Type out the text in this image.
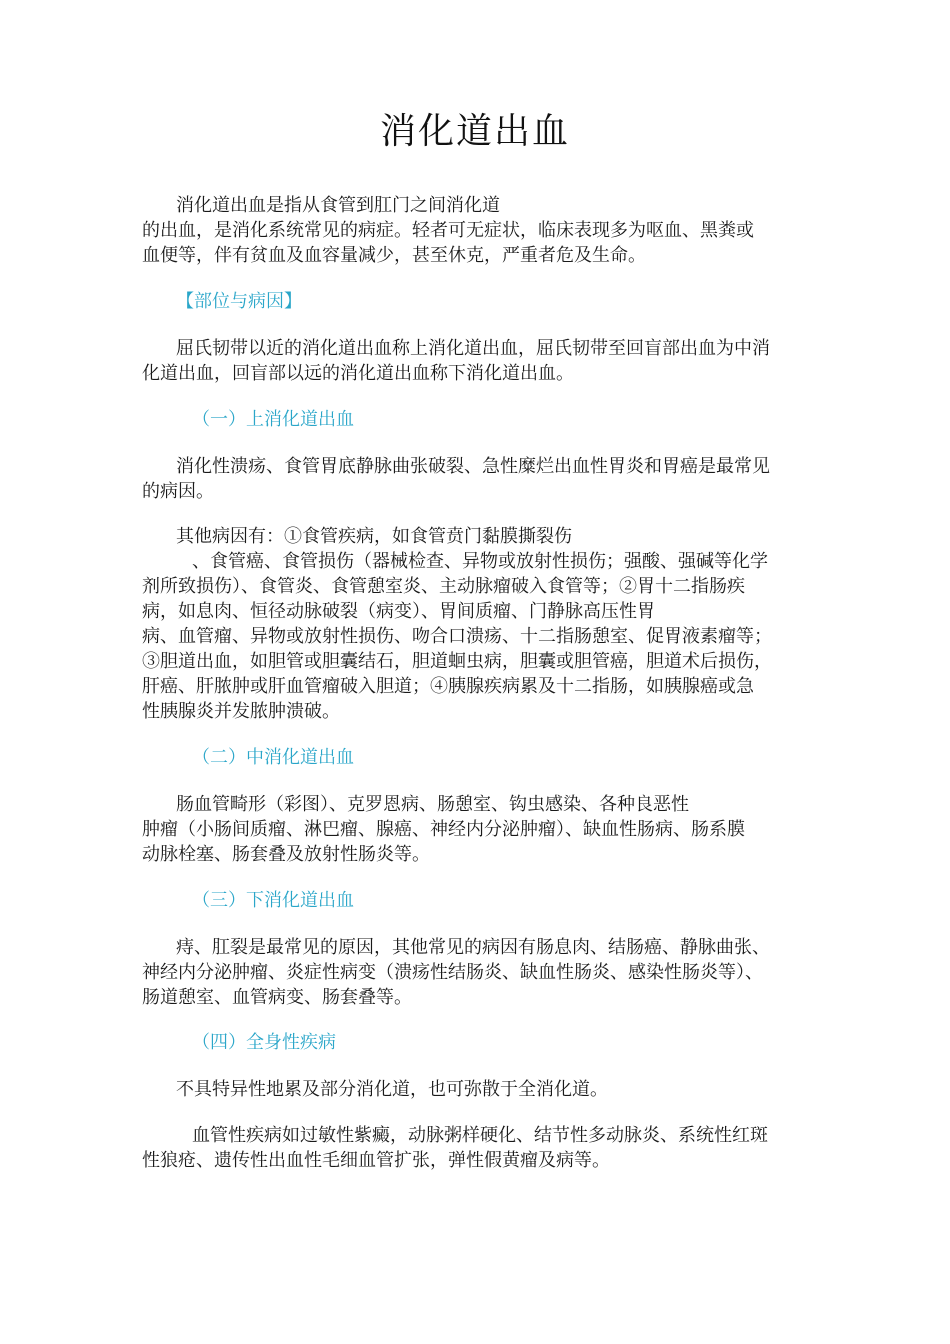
消化道出血
消化道出血是指从食管到肛门之间消化道
的出血，是消化系统常见的病症。轻者可无症状，临床表现多为呕血、黑粪或
血便等，伴有贫血及血容量减少，甚至休克，严重者危及生命。
【部位与病因】
屈氏韧带以近的消化道出血称上消化道出血，屈氏韧带至回盲部出血为中消
化道出血，回盲部以远的消化道出血称下消化道出血。
（一）上消化道出血
消化性溃疡、食管胃底静脉曲张破裂、急性糜烂出血性胃炎和胃癌是最常见
的病因。
其他病因有：①食管疾病，如食管贲门黏膜撕裂伤
、食管癌、食管损伤（器械检查、异物或放射性损伤；强酸、强碱等化学
剂所致损伤）、食管炎、食管憩室炎、主动脉瘤破入食管等；②胃十二指肠疾
病，如息肉、恒径动脉破裂（病变）、胃间质瘤、门静脉高压性胃
病、血管瘤、异物或放射性损伤、吻合口溃疡、十二指肠憩室、促胃液素瘤等；
③胆道出血，如胆管或胆囊结石，胆道蛔虫病，胆囊或胆管癌，胆道术后损伤，
肝癌、肝脓肿或肝血管瘤破入胆道；④胰腺疾病累及十二指肠，如胰腺癌或急
性胰腺炎并发脓肿溃破。
（二）中消化道出血
肠血管畸形（彩图）、克罗恩病、肠憩室、钩虫感染、各种良恶性
肿瘤（小肠间质瘤、淋巴瘤、腺癌、神经内分泌肿瘤）、缺血性肠病、肠系膜
动脉栓塞、肠套叠及放射性肠炎等。
（三）下消化道出血
痔、肛裂是最常见的原因，其他常见的病因有肠息肉、结肠癌、静脉曲张、
神经内分泌肿瘤、炎症性病变（溃疡性结肠炎、缺血性肠炎、感染性肠炎等）、
肠道憩室、血管病变、肠套叠等。
（四）全身性疾病
不具特异性地累及部分消化道，也可弥散于全消化道。
血管性疾病如过敏性紫癜，动脉粥样硬化、结节性多动脉炎、系统性红斑
性狼疮、遗传性出血性毛细血管扩张，弹性假黄瘤及病等。
